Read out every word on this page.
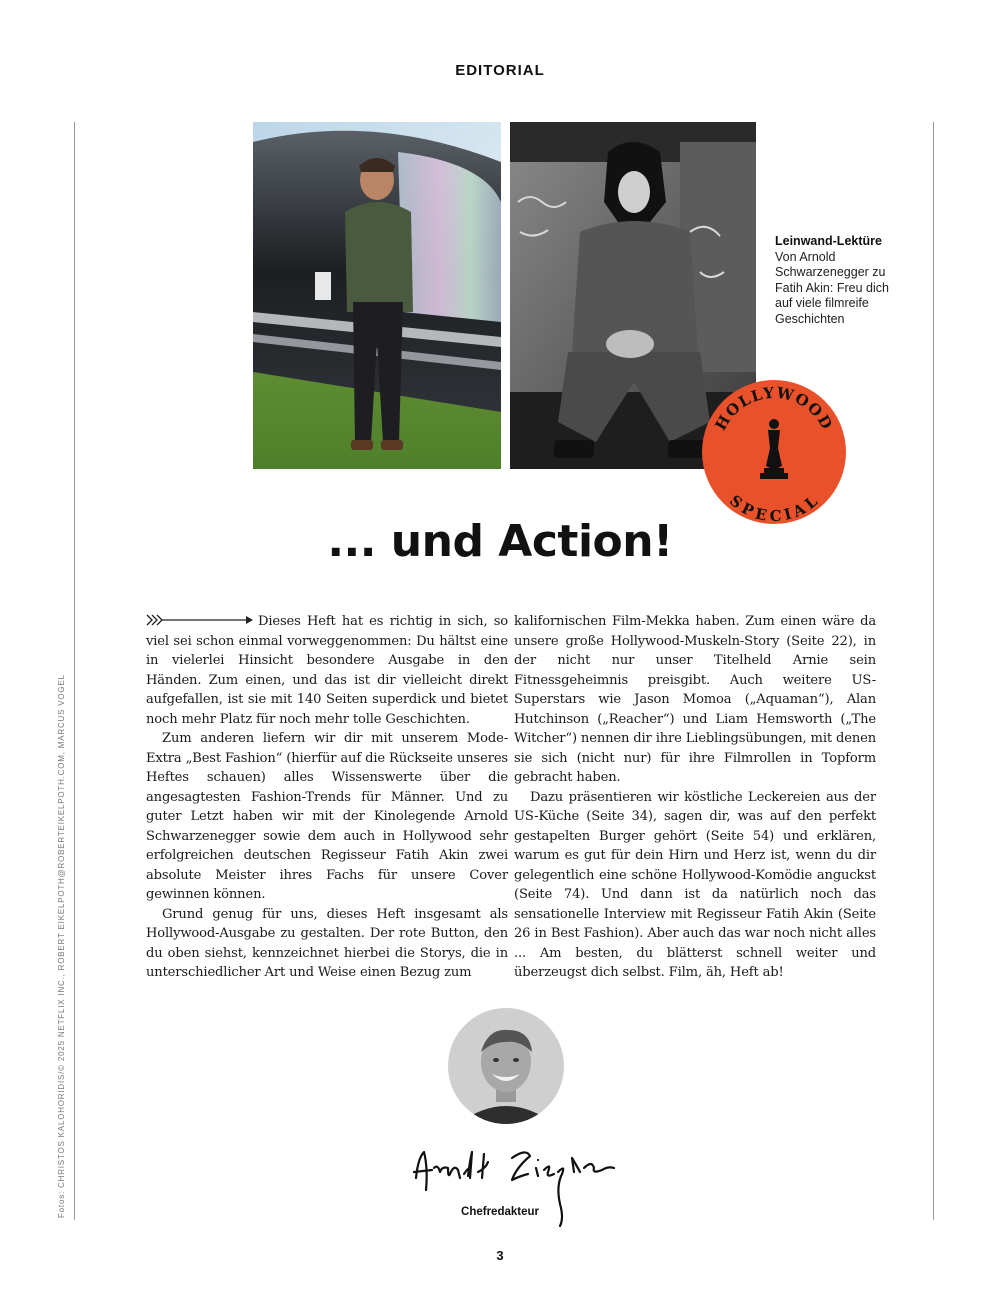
EDITORIAL
Fotos: CHRISTOS KALOHORIDIS/© 2025 NETFLIX INC., ROBERT EIKELPOTH@ROBERTEIKELPOTH.COM, MARCUS VOGEL
Leinwand-Lektüre
Von Arnold Schwarzenegger zu Fatih Akin: Freu dich auf viele filmreife Geschichten
HOLLYWOOD
SPECIAL
... und Action!

Dieses Heft hat es richtig in sich, so viel sei schon einmal vorweggenommen: Du hältst eine in vielerlei Hinsicht besondere Ausgabe in den Händen. Zum einen, und das ist dir vielleicht direkt aufgefallen, ist sie mit 140 Seiten superdick und bietet noch mehr Platz für noch mehr tolle Geschichten.

Zum anderen liefern wir dir mit unserem Mode-Extra „Best Fashion“ (hierfür auf die Rückseite unseres Heftes schauen) alles Wissenswerte über die angesagtesten Fashion-Trends für Männer. Und zu guter Letzt haben wir mit der Kinolegende Arnold Schwarzenegger sowie dem auch in Hollywood sehr erfolgreichen deutschen Regisseur Fatih Akin zwei absolute Meister ihres Fachs für unsere Cover gewinnen können.

Grund genug für uns, dieses Heft insgesamt als Hollywood-Ausgabe zu gestalten. Der rote Button, den du oben siehst, kennzeichnet hierbei die Storys, die in unterschiedlicher Art und Weise einen Bezug zum

kalifornischen Film-Mekka haben. Zum einen wäre da unsere große Hollywood-Muskeln-Story (Seite 22), in der nicht nur unser Titelheld Arnie sein Fitnessgeheimnis preisgibt. Auch weitere US-Superstars wie Jason Momoa („Aquaman“), Alan Hutchinson („Reacher“) und Liam Hemsworth („The Witcher“) nennen dir ihre Lieblingsübungen, mit denen sie sich (nicht nur) für ihre Filmrollen in Topform gebracht haben.

Dazu präsentieren wir köstliche Leckereien aus der US-Küche (Seite 34), sagen dir, was auf den perfekt gestapelten Burger gehört (Seite 54) und erklären, warum es gut für dein Hirn und Herz ist, wenn du dir gelegentlich eine schöne Hollywood-Komödie anguckst (Seite 74). Und dann ist da natürlich noch das sensationelle Interview mit Regisseur Fatih Akin (Seite 26 in Best Fashion). Aber auch das war noch nicht alles ... Am besten, du blätterst schnell weiter und überzeugst dich selbst. Film, äh, Heft ab!

Chefredakteur
3
